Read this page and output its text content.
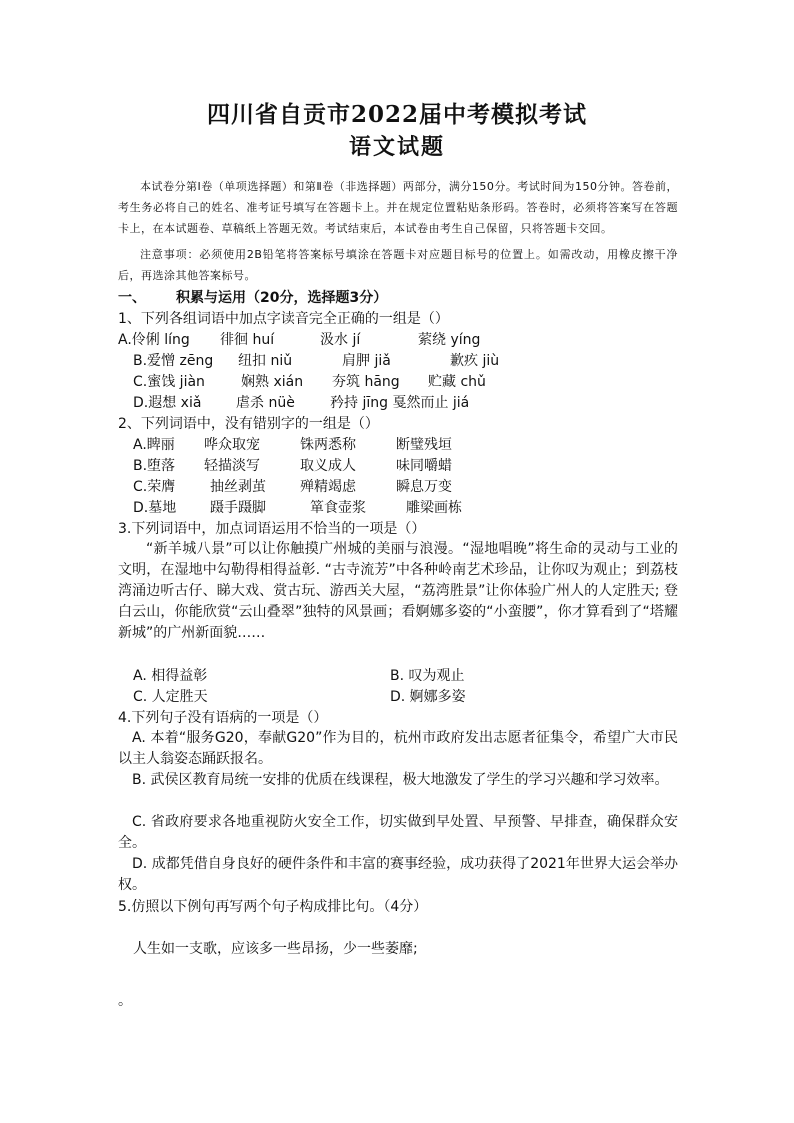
四川省自贡市2022届中考模拟考试
语文试题
本试卷分第Ⅰ卷（单项选择题）和第Ⅱ卷（非选择题）两部分，满分150分。考试时间为150分钟。答卷前，考生务必将自己的姓名、准考证号填写在答题卡上。并在规定位置粘贴条形码。答卷时，必须将答案写在答题卡上，在本试题卷、草稿纸上答题无效。考试结束后，本试卷由考生自己保留，只将答题卡交回。
注意事项：必须使用2B铅笔将答案标号填涂在答题卡对应题目标号的位置上。如需改动，用橡皮擦干净后，再选涂其他答案标号。
一、 积累与运用（20分，选择题3分）
1、下列各组词语中加点字读音完全正确的一组是（）
A.伶俐 lí​ng 徘徊 huí	汲水 jí	萦绕 yí​ng
B.爱憎 zēng 纽扣 niǔ	肩胛 jiǎ	歉疚 jiù
C.蜜饯 jiàn	娴熟 xián 夯筑 hāng 贮藏 chǔ
D.遐想 xiǎ 虐杀 nüè	矜持 jīng 戛然而止 jiá
2、下列词语中，没有错别字的一组是（）
A.睥丽 哗众取宠	铢两悉称	断璧残垣
B.堕落 轻描淡写	取义成人	味同嚼蜡
C.荣膺 抽丝剥茧 殚精竭虑	瞬息万变
D.墓地 蹑手蹑脚	箪食壶浆	雕梁画栋
3.下列词语中，加点词语运用不恰当的一项是（）
“新羊城八景”可以让你触摸广州城的美丽与浪漫。“湿地唱晚”将生命的灵动与工业的文明，在湿地中勾勒得相得益彰. “古寺流芳”中各种岭南艺术珍品，让你叹为观止；到荔枝湾涌边听古仔、睇大戏、赏古玩、游西关大屋，“荔湾胜景”让你体验广州人的人定胜天; 登白云山，你能欣赏“云山叠翠”独特的风景画；看婀娜多姿的“小蛮腰”，你才算看到了“塔耀新城”的广州新面貌……
A. 相得益彰	B. 叹为观止
C. 人定胜天	D. 婀娜多姿
4.下列句子没有语病的一项是（）
A. 本着“服务G20，奉献G20”作为目的，杭州市政府发出志愿者征集令，希望广大市民以主人翁姿态踊跃报名。
B. 武侯区教育局统一安排的优质在线课程，极大地激发了学生的学习兴趣和学习效率。
C. 省政府要求各地重视防火安全工作，切实做到早处置、早预警、早排查，确保群众安全。
D. 成都凭借自身良好的硬件条件和丰富的赛事经验，成功获得了2021年世界大运会举办权。
5.仿照以下例句再写两个句子构成排比句。（4分）
人生如一支歌，应该多一些昂扬，少一些萎靡;
。
